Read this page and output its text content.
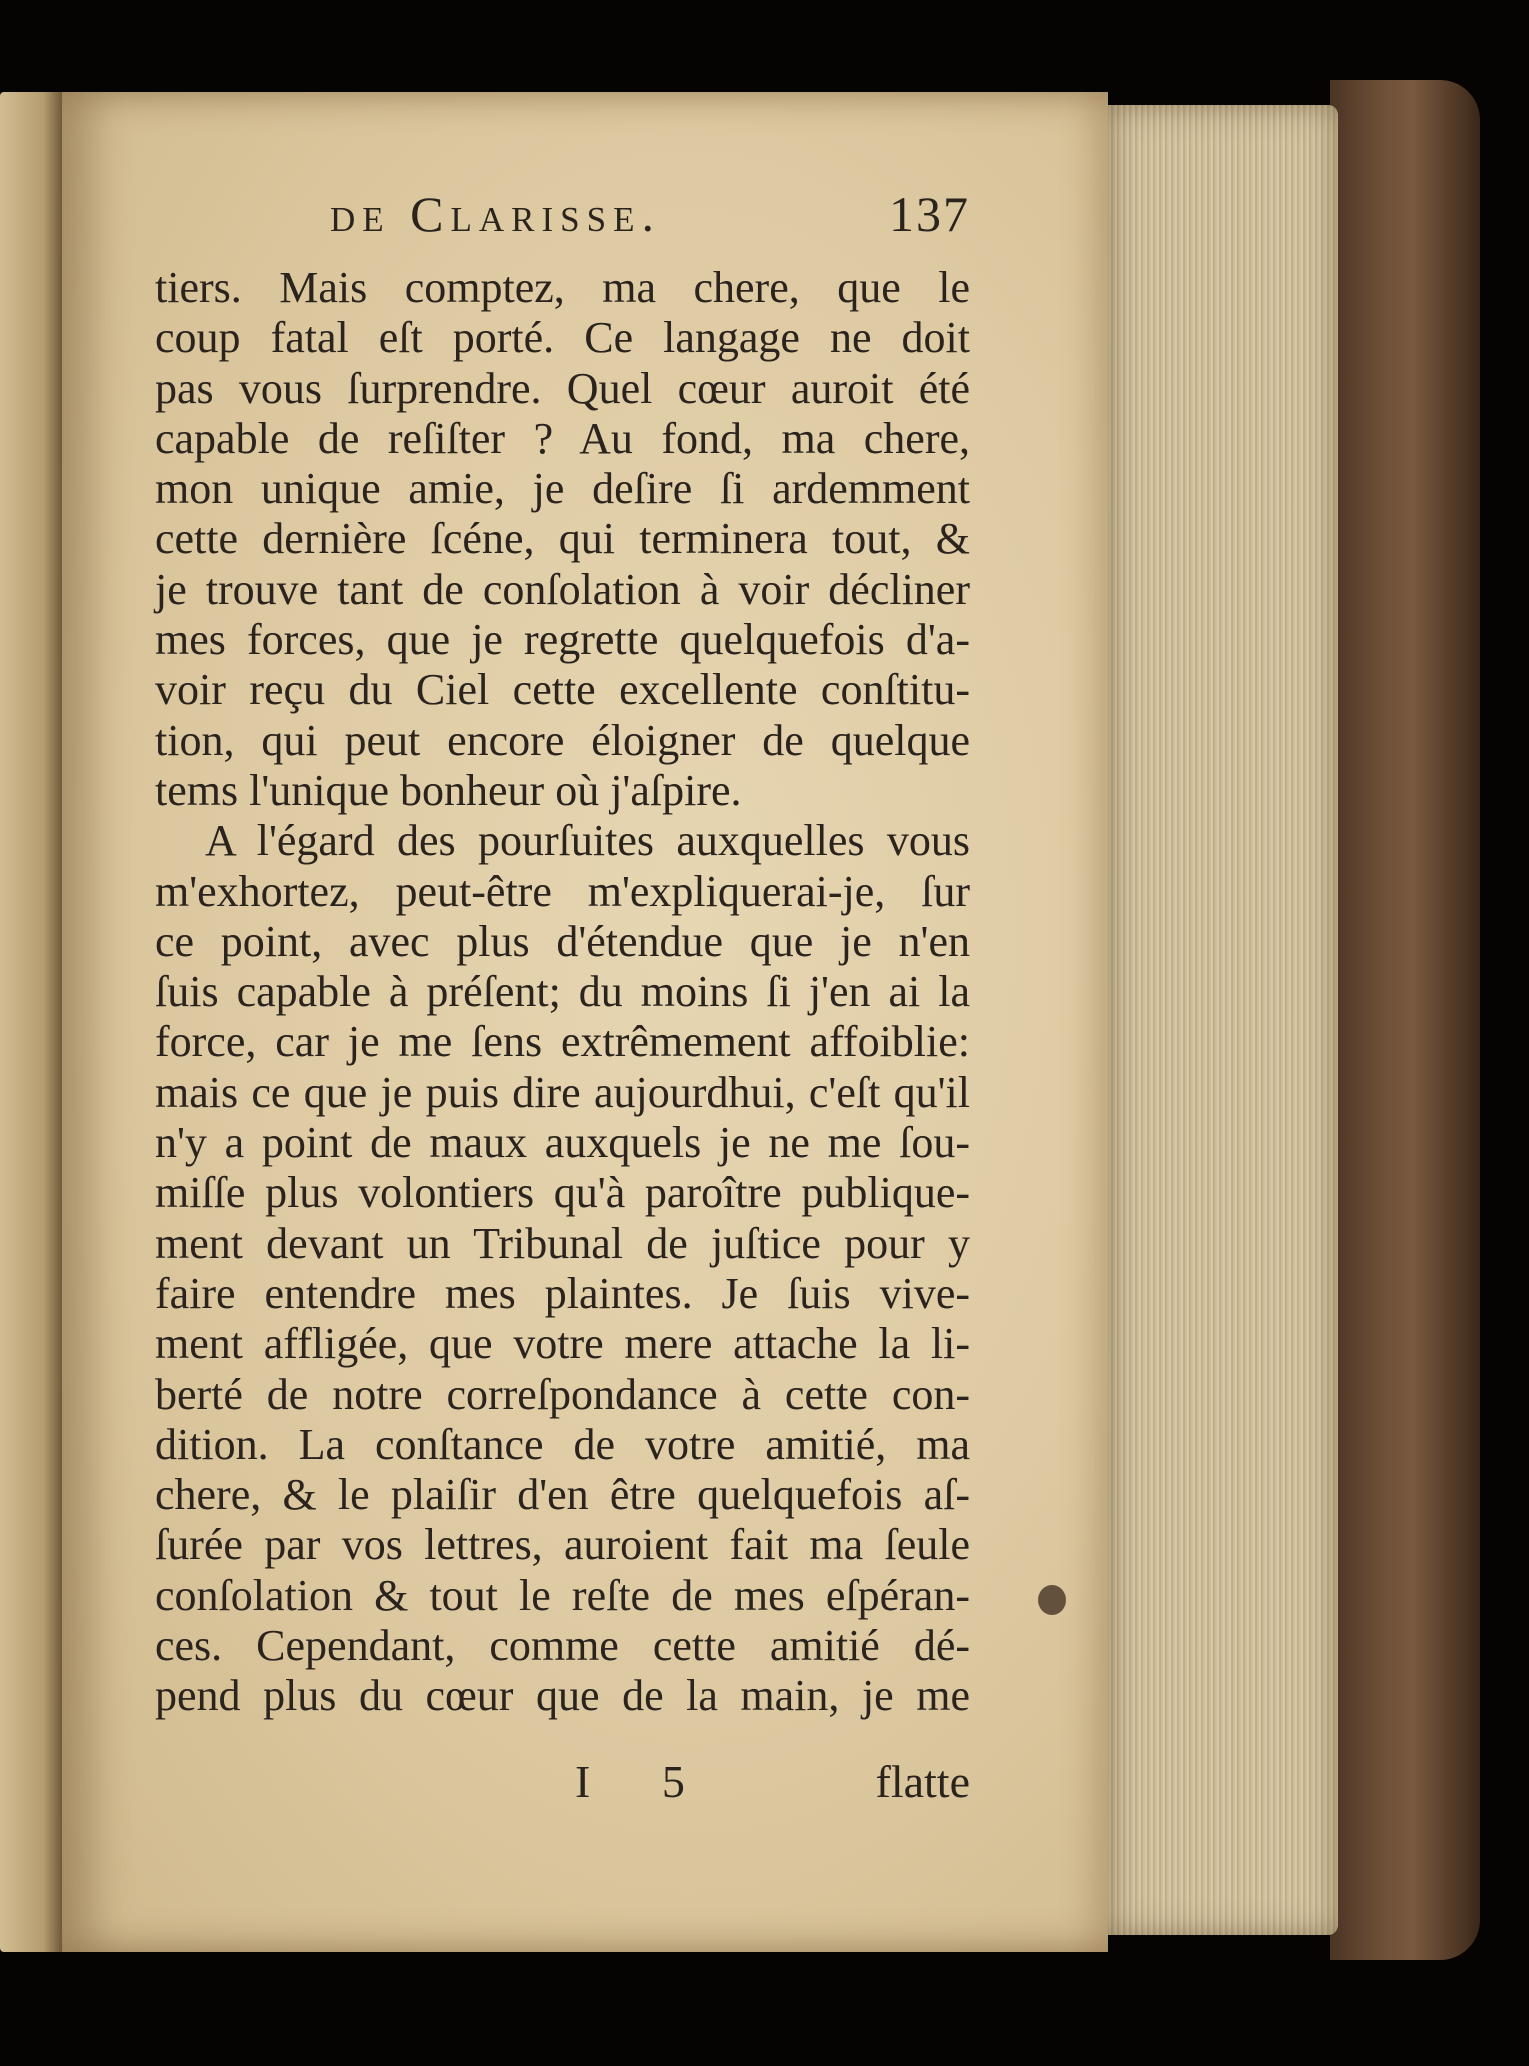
de Clarisse.	137
tiers. Mais comptez, ma chere, que le
coup fatal eſt porté. Ce langage ne doit
pas vous ſurprendre. Quel cœur auroit été
capable de reſiſter ? Au fond, ma chere,
mon unique amie, je deſire ſi ardemment
cette dernière ſcéne, qui terminera tout, &
je trouve tant de conſolation à voir décliner
mes forces, que je regrette quelquefois d'a-
voir reçu du Ciel cette excellente conſtitu-
tion, qui peut encore éloigner de quelque
tems l'unique bonheur où j'aſpire.
A l'égard des pourſuites auxquelles vous
m'exhortez, peut-être m'expliquerai-je, ſur
ce point, avec plus d'étendue que je n'en
ſuis capable à préſent; du moins ſi j'en ai la
force, car je me ſens extrêmement affoiblie:
mais ce que je puis dire aujourdhui, c'eſt qu'il
n'y a point de maux auxquels je ne me ſou-
miſſe plus volontiers qu'à paroître publique-
ment devant un Tribunal de juſtice pour y
faire entendre mes plaintes. Je ſuis vive-
ment affligée, que votre mere attache la li-
berté de notre correſpondance à cette con-
dition. La conſtance de votre amitié, ma
chere, & le plaiſir d'en être quelquefois aſ-
ſurée par vos lettres, auroient fait ma ſeule
conſolation & tout le reſte de mes eſpéran-
ces. Cependant, comme cette amitié dé-
pend plus du cœur que de la main, je me
I 5	flatte
